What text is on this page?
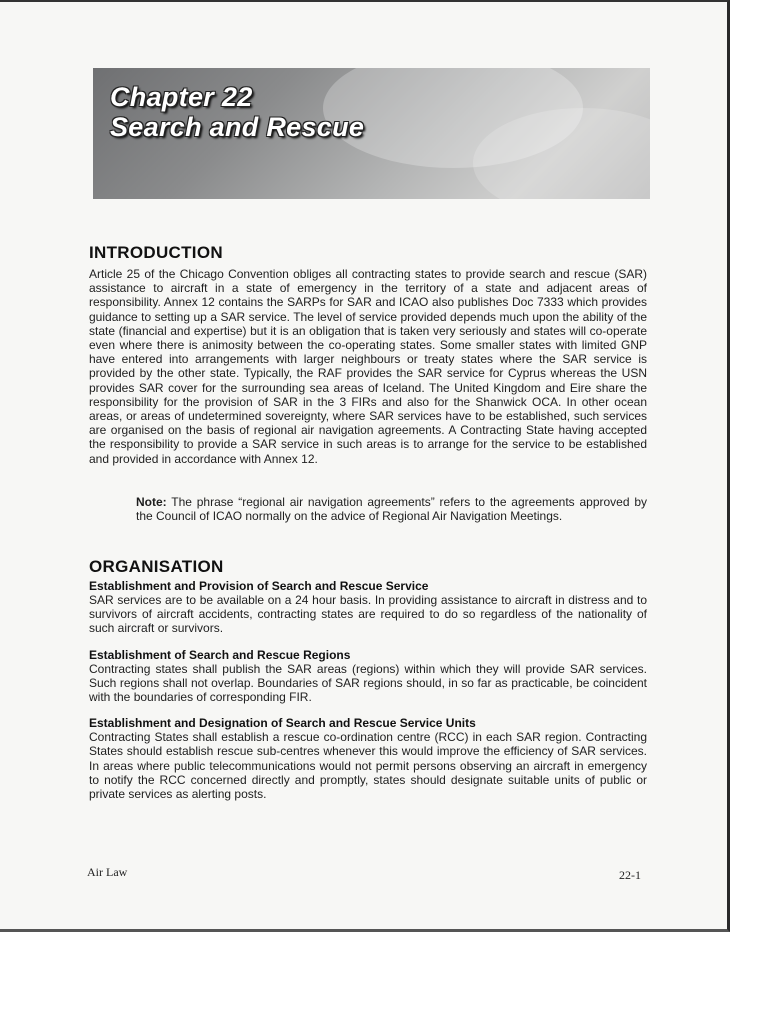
Chapter 22
Search and Rescue
INTRODUCTION

Article 25 of the Chicago Convention obliges all contracting states to provide search and rescue (SAR) assistance to aircraft in a state of emergency in the territory of a state and adjacent areas of responsibility. Annex 12 contains the SARPs for SAR and ICAO also publishes Doc 7333 which provides guidance to setting up a SAR service. The level of service provided depends much upon the ability of the state (financial and expertise) but it is an obligation that is taken very seriously and states will co-operate even where there is animosity between the co-operating states. Some smaller states with limited GNP have entered into arrangements with larger neighbours or treaty states where the SAR service is provided by the other state. Typically, the RAF provides the SAR service for Cyprus whereas the USN provides SAR cover for the surrounding sea areas of Iceland. The United Kingdom and Eire share the responsibility for the provision of SAR in the 3 FIRs and also for the Shanwick OCA. In other ocean areas, or areas of undetermined sovereignty, where SAR services have to be established, such services are organised on the basis of regional air navigation agreements. A Contracting State having accepted the responsibility to provide a SAR service in such areas is to arrange for the service to be established and provided in accordance with Annex 12.

Note: The phrase “regional air navigation agreements” refers to the agreements approved by the Council of ICAO normally on the advice of Regional Air Navigation Meetings.
ORGANISATION
Establishment and Provision of Search and Rescue Service

SAR services are to be available on a 24 hour basis. In providing assistance to aircraft in distress and to survivors of aircraft accidents, contracting states are required to do so regardless of the nationality of such aircraft or survivors.

Establishment of Search and Rescue Regions

Contracting states shall publish the SAR areas (regions) within which they will provide SAR services. Such regions shall not overlap. Boundaries of SAR regions should, in so far as practicable, be coincident with the boundaries of corresponding FIR.

Establishment and Designation of Search and Rescue Service Units

Contracting States shall establish a rescue co-ordination centre (RCC) in each SAR region. Contracting States should establish rescue sub-centres whenever this would improve the efficiency of SAR services. In areas where public telecommunications would not permit persons observing an aircraft in emergency to notify the RCC concerned directly and promptly, states should designate suitable units of public or private services as alerting posts.

Air Law	22-1
